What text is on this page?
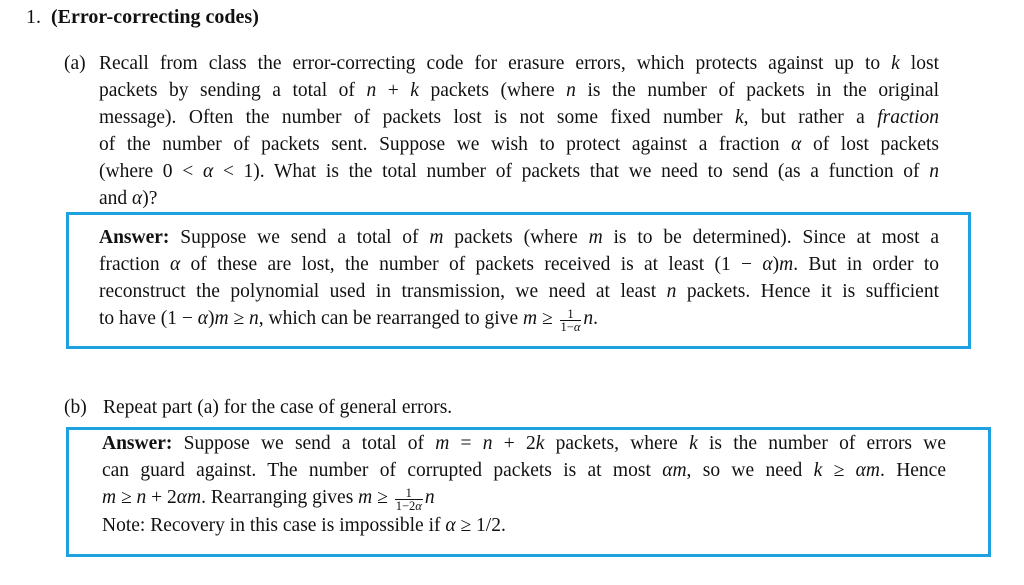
1. (Error-correcting codes)
(a) Recall from class the error-correcting code for erasure errors, which protects against up to k lost
packets by sending a total of n + k packets (where n is the number of packets in the original
message). Often the number of packets lost is not some fixed number k, but rather a fraction
of the number of packets sent. Suppose we wish to protect against a fraction α of lost packets
(where 0 < α < 1). What is the total number of packets that we need to send (as a function of n
and α)?
Answer: Suppose we send a total of m packets (where m is to be determined). Since at most a
fraction α of these are lost, the number of packets received is at least (1 − α)m. But in order to
reconstruct the polynomial used in transmission, we need at least n packets. Hence it is sufficient
to have (1 − α)m ≥ n, which can be rearranged to give $m \ge \frac{1}{1-\alpha} n$.
(b) Repeat part (a) for the case of general errors.
Answer: Suppose we send a total of m = n + 2k packets, where k is the number of errors we
can guard against. The number of corrupted packets is at most αm, so we need k ≥ αm. Hence
m ≥ n + 2αm. Rearranging gives $m \ge \frac{1}{1-2\alpha}$ n
Note: Recovery in this case is impossible if α ≥ 1/2.
